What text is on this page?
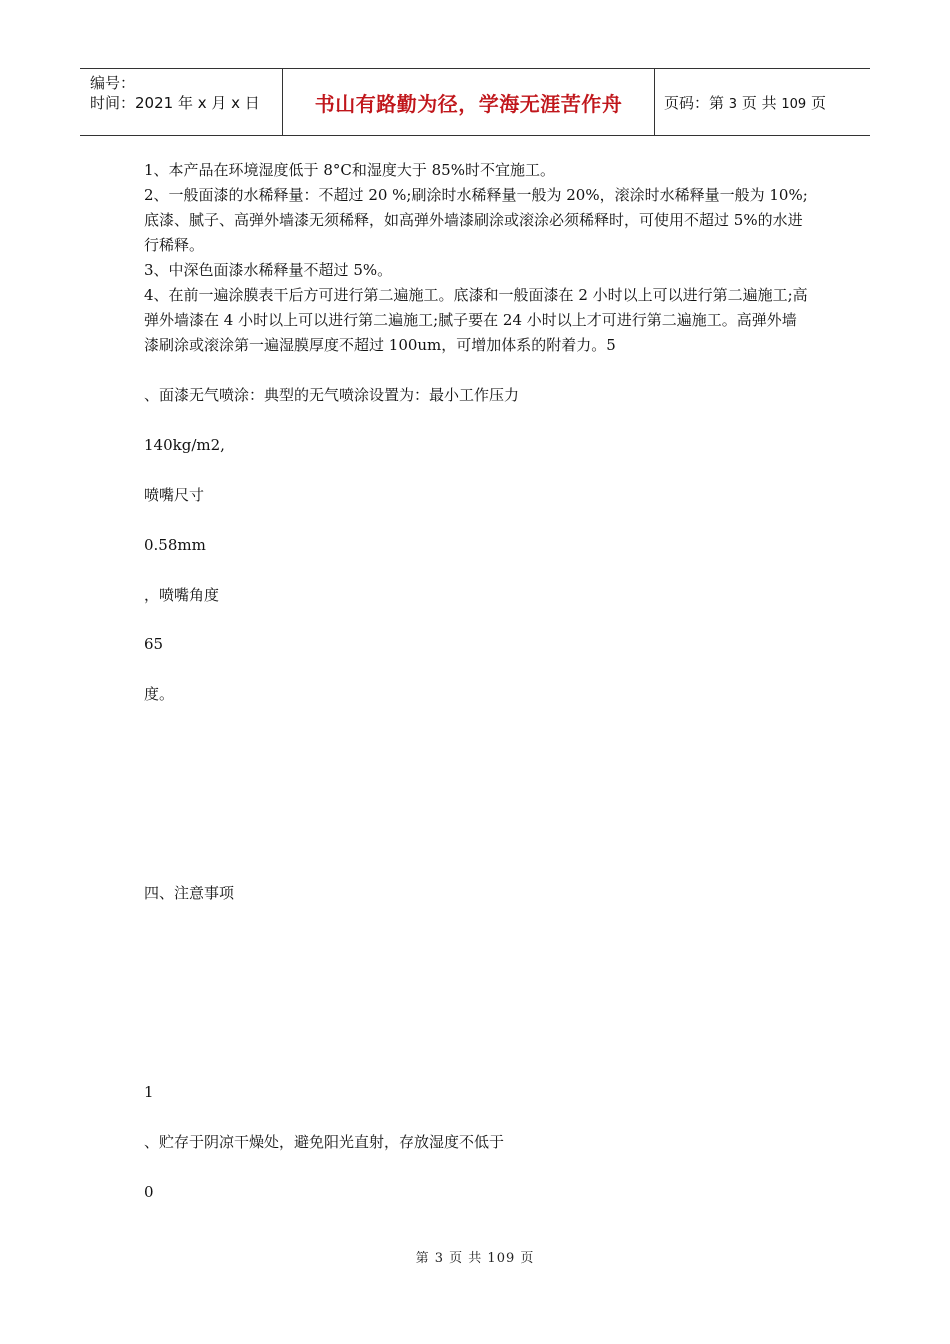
编号：
时间：2021 年 x 月 x 日	书山有路勤为径，学海无涯苦作舟	页码：第 3 页 共 109 页

1、本产品在环境湿度低于 8°C和湿度大于 85%时不宜施工。

2、一般面漆的水稀释量：不超过 20 %;刷涂时水稀释量一般为 20%，滚涂时水稀释量一般为 10%;底漆、腻子、高弹外墙漆无须稀释，如高弹外墙漆刷涂或滚涂必须稀释时，可使用不超过 5%的水进行稀释。

3、中深色面漆水稀释量不超过 5%。

4、在前一遍涂膜表干后方可进行第二遍施工。底漆和一般面漆在 2 小时以上可以进行第二遍施工;高弹外墙漆在 4 小时以上可以进行第二遍施工;腻子要在 24 小时以上才可进行第二遍施工。高弹外墙漆刷涂或滚涂第一遍湿膜厚度不超过 100um，可增加体系的附着力。5

、面漆无气喷涂：典型的无气喷涂设置为：最小工作压力
140kg/m2,
喷嘴尺寸
0.58mm
，喷嘴角度
65
度。
四、注意事项
1
、贮存于阴凉干燥处，避免阳光直射，存放湿度不低于
0
第 3 页 共 109 页
